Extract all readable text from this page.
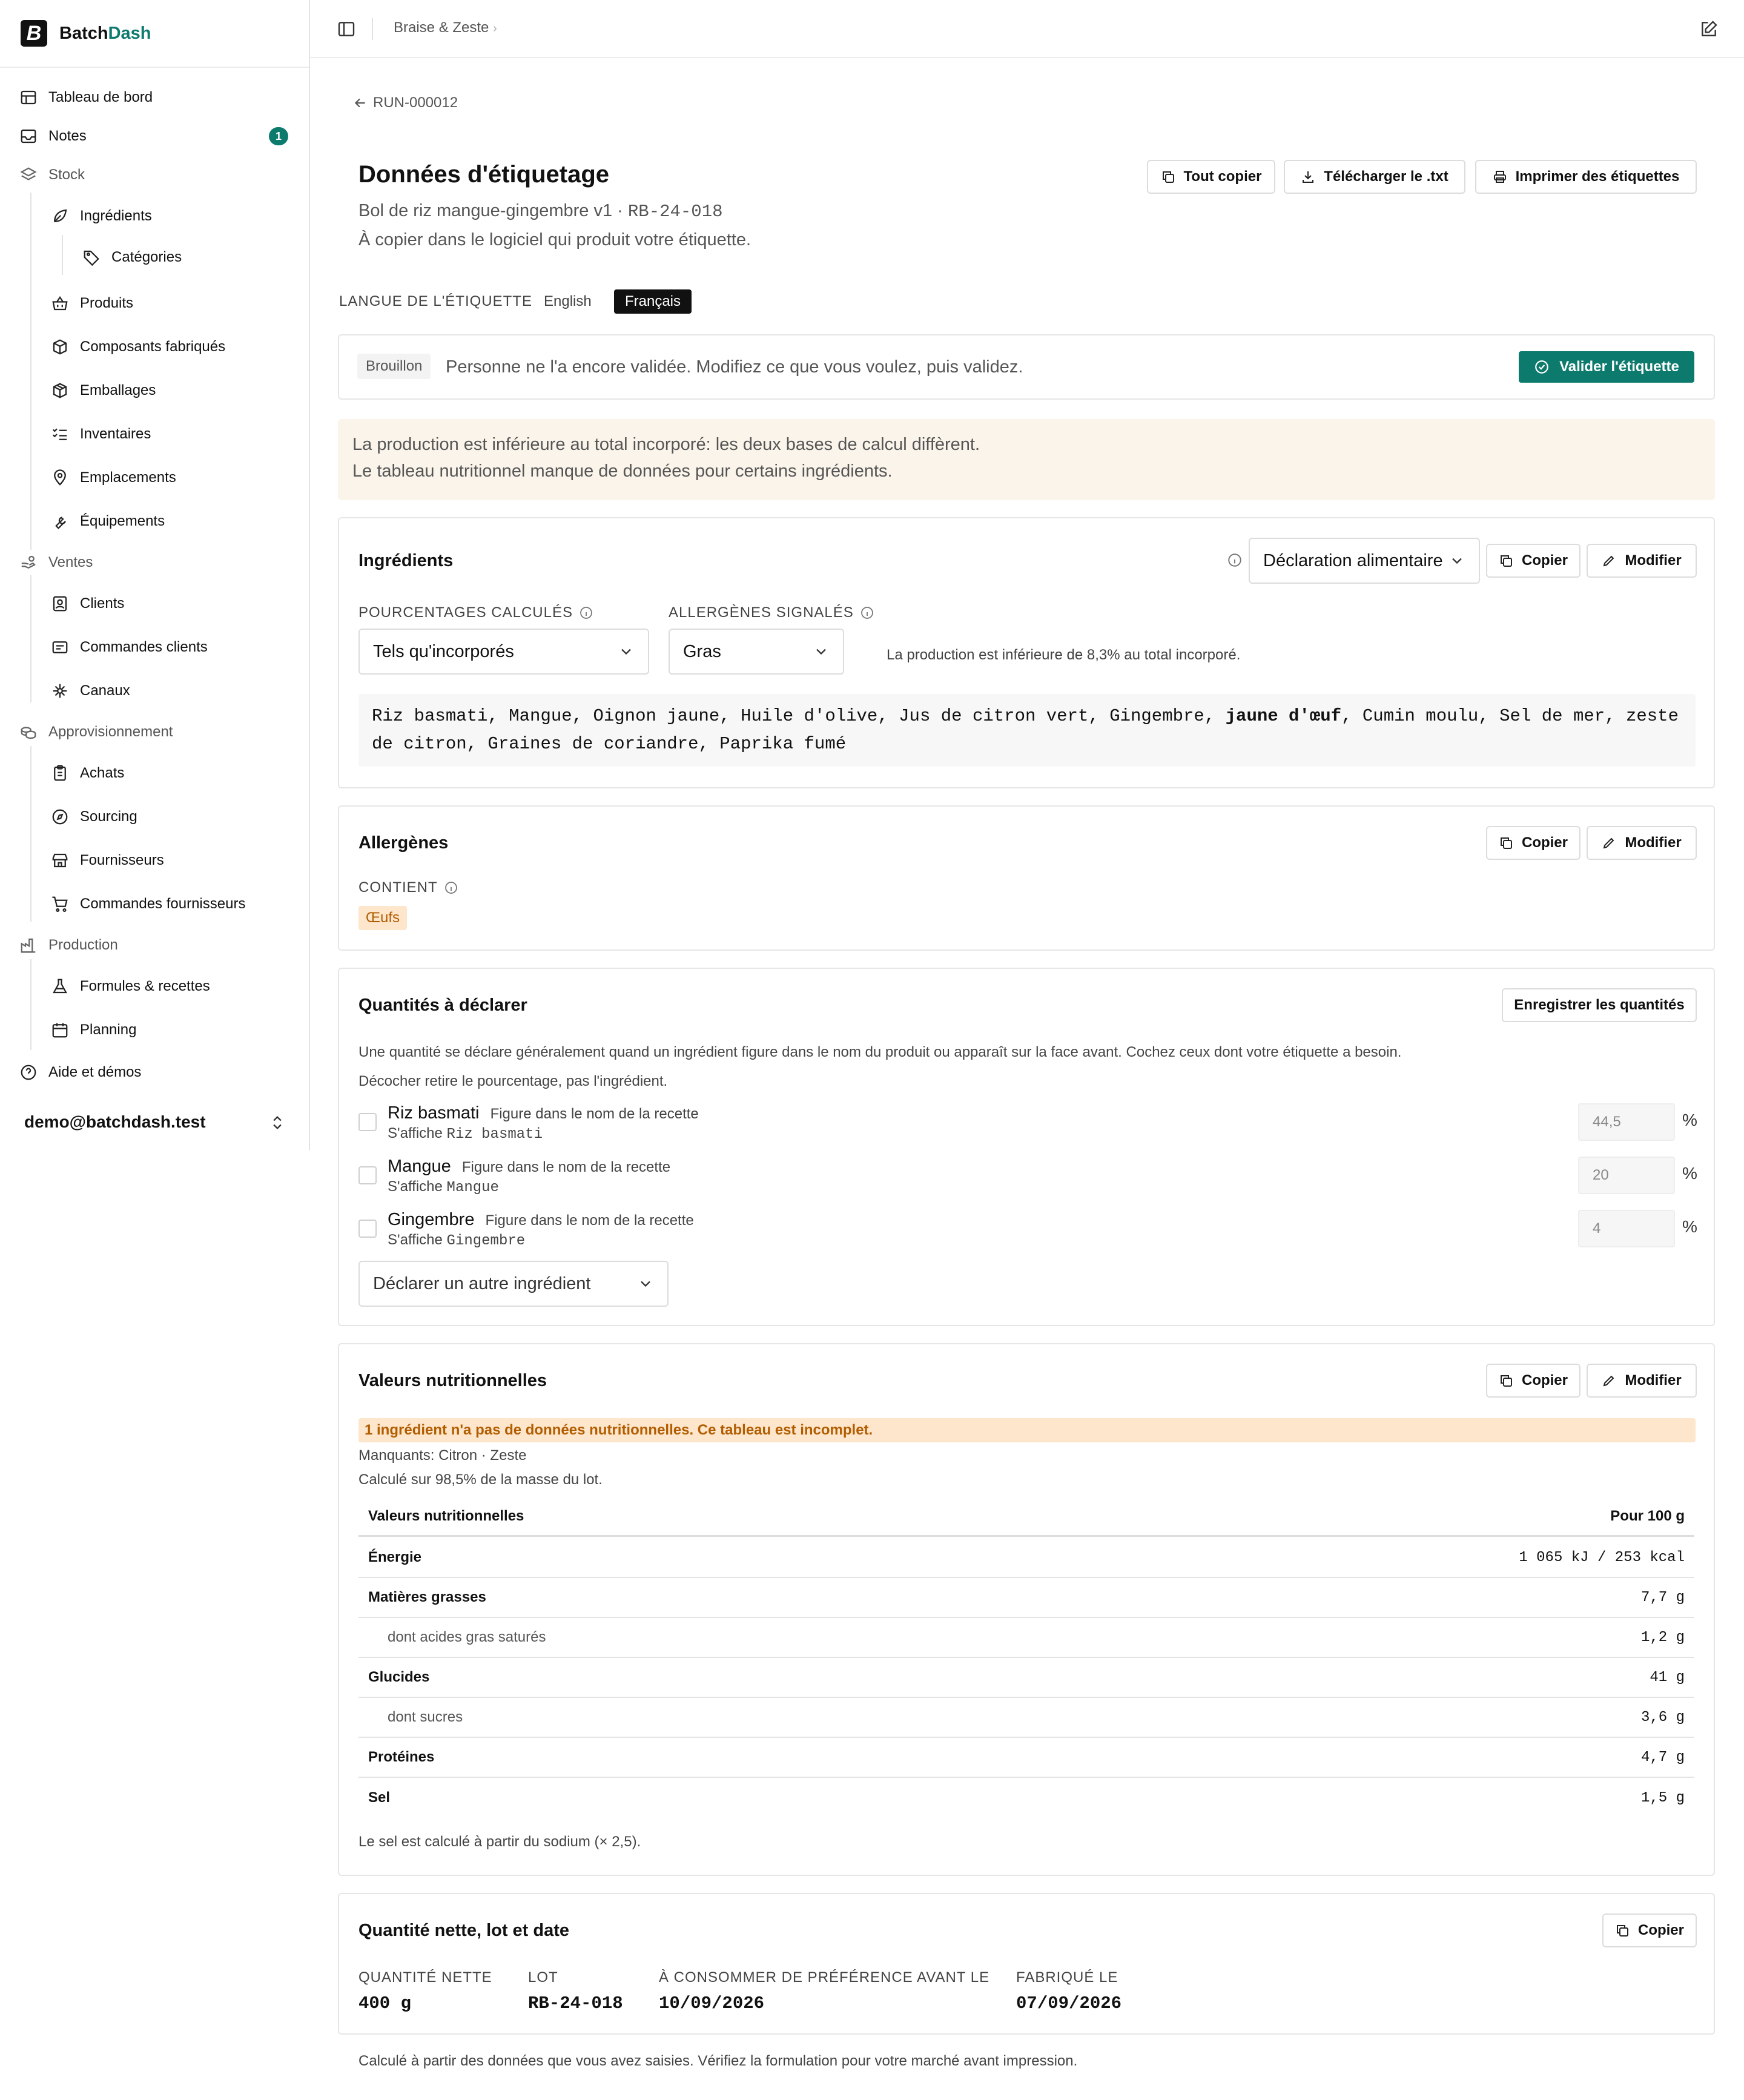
B BatchDash
Tableau de bord
Notes	1
Stock
Ingrédients
Catégories
Produits
Composants fabriqués
Emballages
Inventaires
Emplacements
Équipements
Ventes
Clients
Commandes clients
Canaux
Approvisionnement
Achats
Sourcing
Fournisseurs
Commandes fournisseurs
Production
Formules & recettes
Planning
Aide et démos
demo@batchdash.test
Braise & Zeste ›
RUN-000012
Données d'étiquetage
Bol de riz mangue-gingembre v1 · RB-24-018
À copier dans le logiciel qui produit votre étiquette.
Tout copier	Télécharger le .txt	Imprimer des étiquettes
LANGUE DE L'ÉTIQUETTE English	Français
Brouillon	Personne ne l'a encore validée. Modifiez ce que vous voulez, puis validez.	Valider l'étiquette
La production est inférieure au total incorporé: les deux bases de calcul diffèrent.
Le tableau nutritionnel manque de données pour certains ingrédients.
Ingrédients	Déclaration alimentaire	Copier	Modifier
POURCENTAGES CALCULÉS	ALLERGÈNES SIGNALÉS
Tels qu'incorporés	Gras	La production est inférieure de 8,3% au total incorporé.
Riz basmati, Mangue, Oignon jaune, Huile d'olive, Jus de citron vert, Gingembre, jaune d'œuf, Cumin moulu, Sel de mer, zeste de citron, Graines de coriandre, Paprika fumé
Allergènes	Copier	Modifier
CONTIENT
Œufs
Quantités à déclarer	Enregistrer les quantités
Une quantité se déclare généralement quand un ingrédient figure dans le nom du produit ou apparaît sur la face avant. Cochez ceux dont votre étiquette a besoin.
Décocher retire le pourcentage, pas l'ingrédient.
Riz basmati Figure dans le nom de la recette
S'affiche Riz basmati
44,5	%
Mangue Figure dans le nom de la recette
S'affiche Mangue
20	%
Gingembre Figure dans le nom de la recette
S'affiche Gingembre
4	%
Déclarer un autre ingrédient
Valeurs nutritionnelles	Copier	Modifier
1 ingrédient n'a pas de données nutritionnelles. Ce tableau est incomplet.
Manquants: Citron · Zeste
Calculé sur 98,5% de la masse du lot.
Valeurs nutritionnelles	Pour 100 g
Énergie	1 065 kJ / 253 kcal
Matières grasses	7,7 g
dont acides gras saturés	1,2 g
Glucides	41 g
dont sucres	3,6 g
Protéines	4,7 g
Sel	1,5 g
Le sel est calculé à partir du sodium (× 2,5).
Quantité nette, lot et date	Copier
QUANTITÉ NETTE
400 g
LOT
RB-24-018
À CONSOMMER DE PRÉFÉRENCE AVANT LE
10/09/2026
FABRIQUÉ LE
07/09/2026
Calculé à partir des données que vous avez saisies. Vérifiez la formulation pour votre marché avant impression.
